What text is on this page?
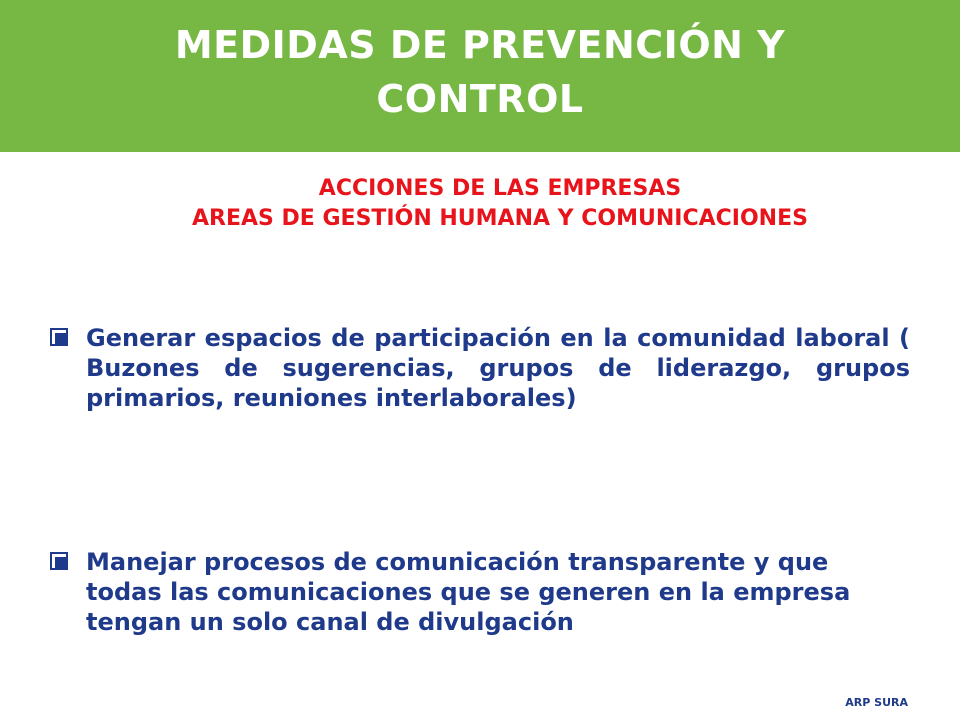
MEDIDAS DE PREVENCIÓN Y
CONTROL
ACCIONES DE LAS EMPRESAS
AREAS DE GESTIÓN HUMANA Y COMUNICACIONES
Generar espacios de participación en la comunidad laboral ( Buzones de sugerencias, grupos de liderazgo, grupos primarios, reuniones interlaborales)
Manejar procesos de comunicación transparente y que todas las comunicaciones que se generen en la empresa tengan un solo canal de divulgación
ARP SURA
